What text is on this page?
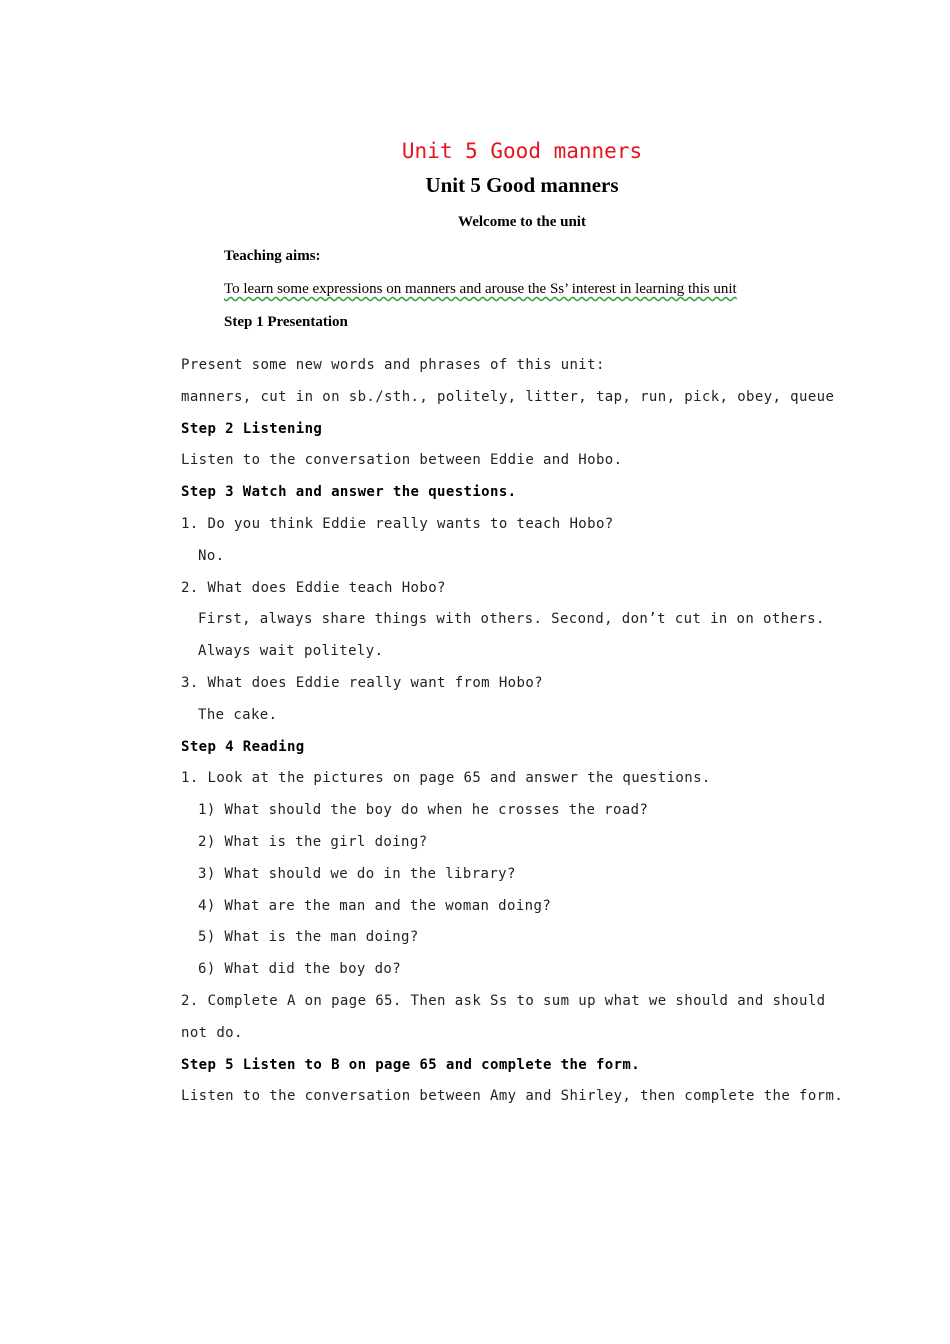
Unit 5 Good manners
Unit 5 Good manners
Welcome to the unit
Teaching aims:
To learn some expressions on manners and arouse the Ss’ interest in learning this unit
Step 1 Presentation
Present some new words and phrases of this unit:
manners, cut in on sb./sth., politely, litter, tap, run, pick, obey, queue
Step 2 Listening
Listen to the conversation between Eddie and Hobo.
Step 3 Watch and answer the questions.
1. Do you think Eddie really wants to teach Hobo?
No.
2. What does Eddie teach Hobo?
First, always share things with others. Second, don’t cut in on others.
Always wait politely.
3. What does Eddie really want from Hobo?
The cake.
Step 4 Reading
1. Look at the pictures on page 65 and answer the questions.
1) What should the boy do when he crosses the road?
2) What is the girl doing?
3) What should we do in the library?
4) What are the man and the woman doing?
5) What is the man doing?
6) What did the boy do?
2. Complete A on page 65. Then ask Ss to sum up what we should and should
not do.
Step 5 Listen to B on page 65 and complete the form.
Listen to the conversation between Amy and Shirley, then complete the form.
